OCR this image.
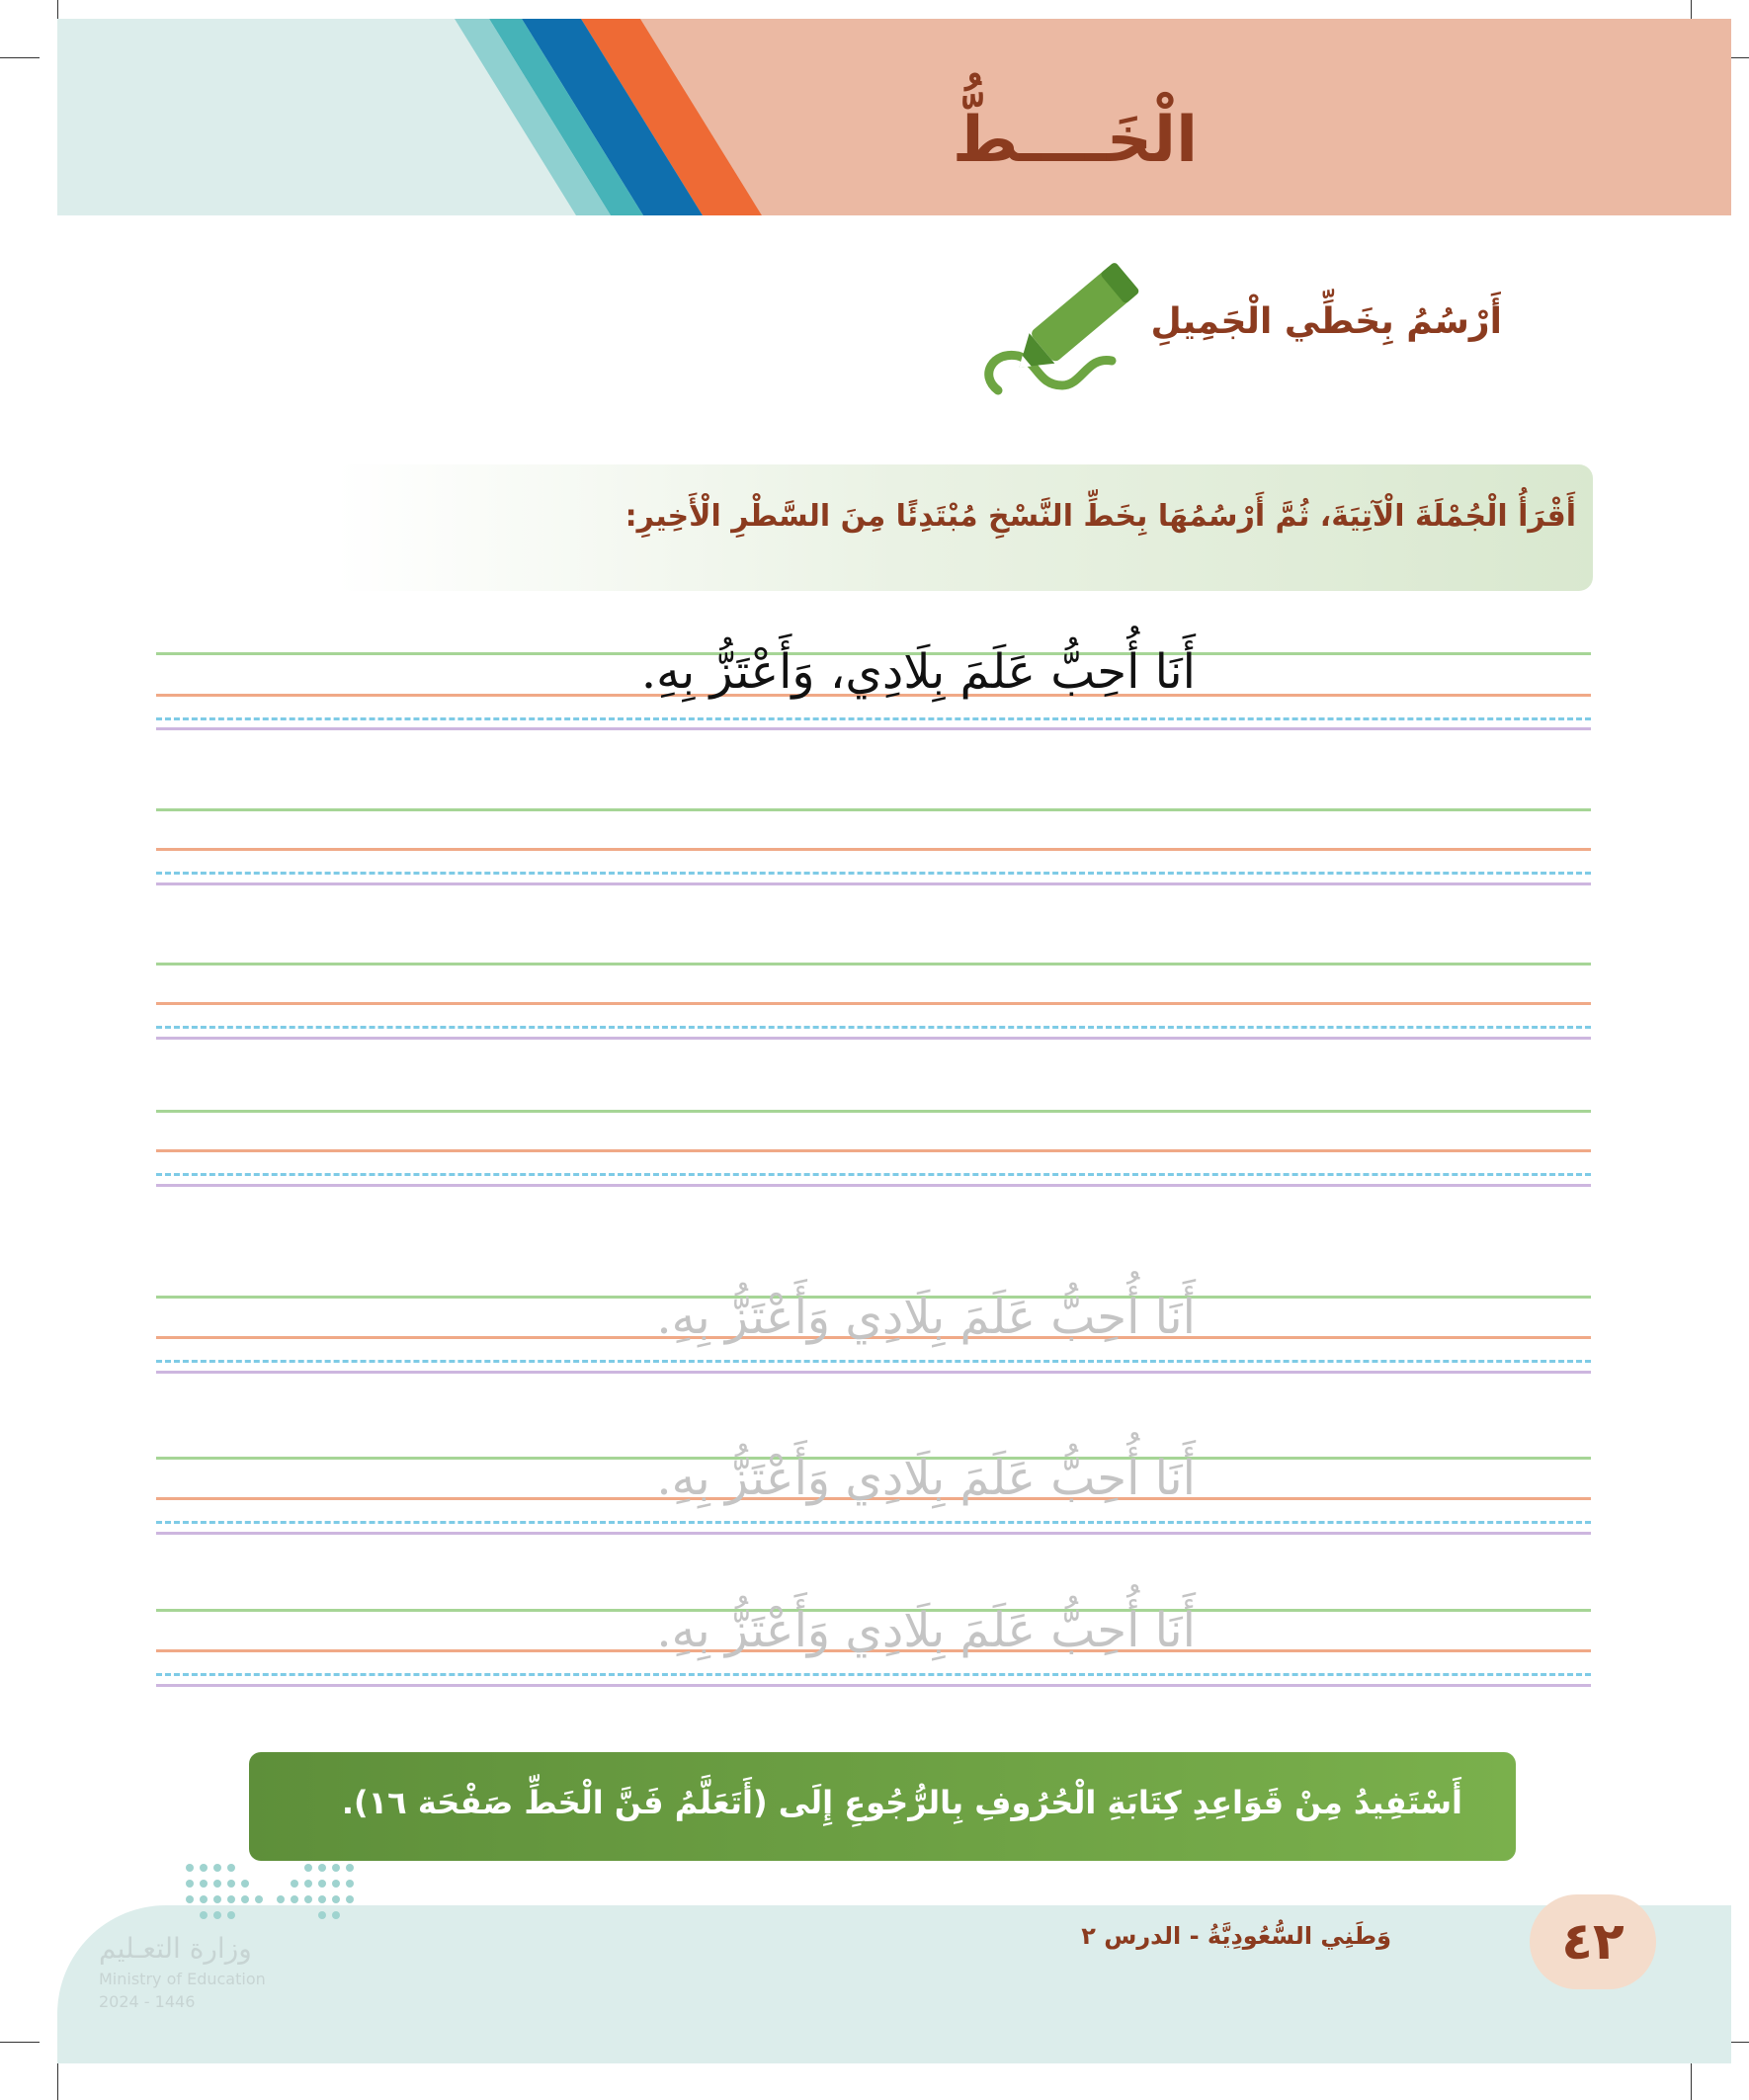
الْخَــــطُّ
أَرْسُمُ بِخَطِّي الْجَمِيلِ
أَقْرَأُ الْجُمْلَةَ الْآتِيَةَ، ثُمَّ أَرْسُمُهَا بِخَطِّ النَّسْخِ مُبْتَدِئًا مِنَ السَّطْرِ الْأَخِيرِ:
أَنَا أُحِبُّ عَلَمَ بِلَادِي، وَأَعْتَزُّ بِهِ.
أَنَا أُحِبُّ عَلَمَ بِلَادِي وَأَعْتَزُّ بِهِ.
أَنَا أُحِبُّ عَلَمَ بِلَادِي وَأَعْتَزُّ بِهِ.
أَنَا أُحِبُّ عَلَمَ بِلَادِي وَأَعْتَزُّ بِهِ.
أَسْتَفِيدُ مِنْ قَوَاعِدِ كِتَابَةِ الْحُرُوفِ بِالرُّجُوعِ إِلَى (أَتَعَلَّمُ فَنَّ الْخَطِّ صَفْحَة ١٦).
٤٢
وَطَنِي السُّعُودِيَّةُ - الدرس ٢
وزارة التعـليم
Ministry of Education
2024 - 1446
